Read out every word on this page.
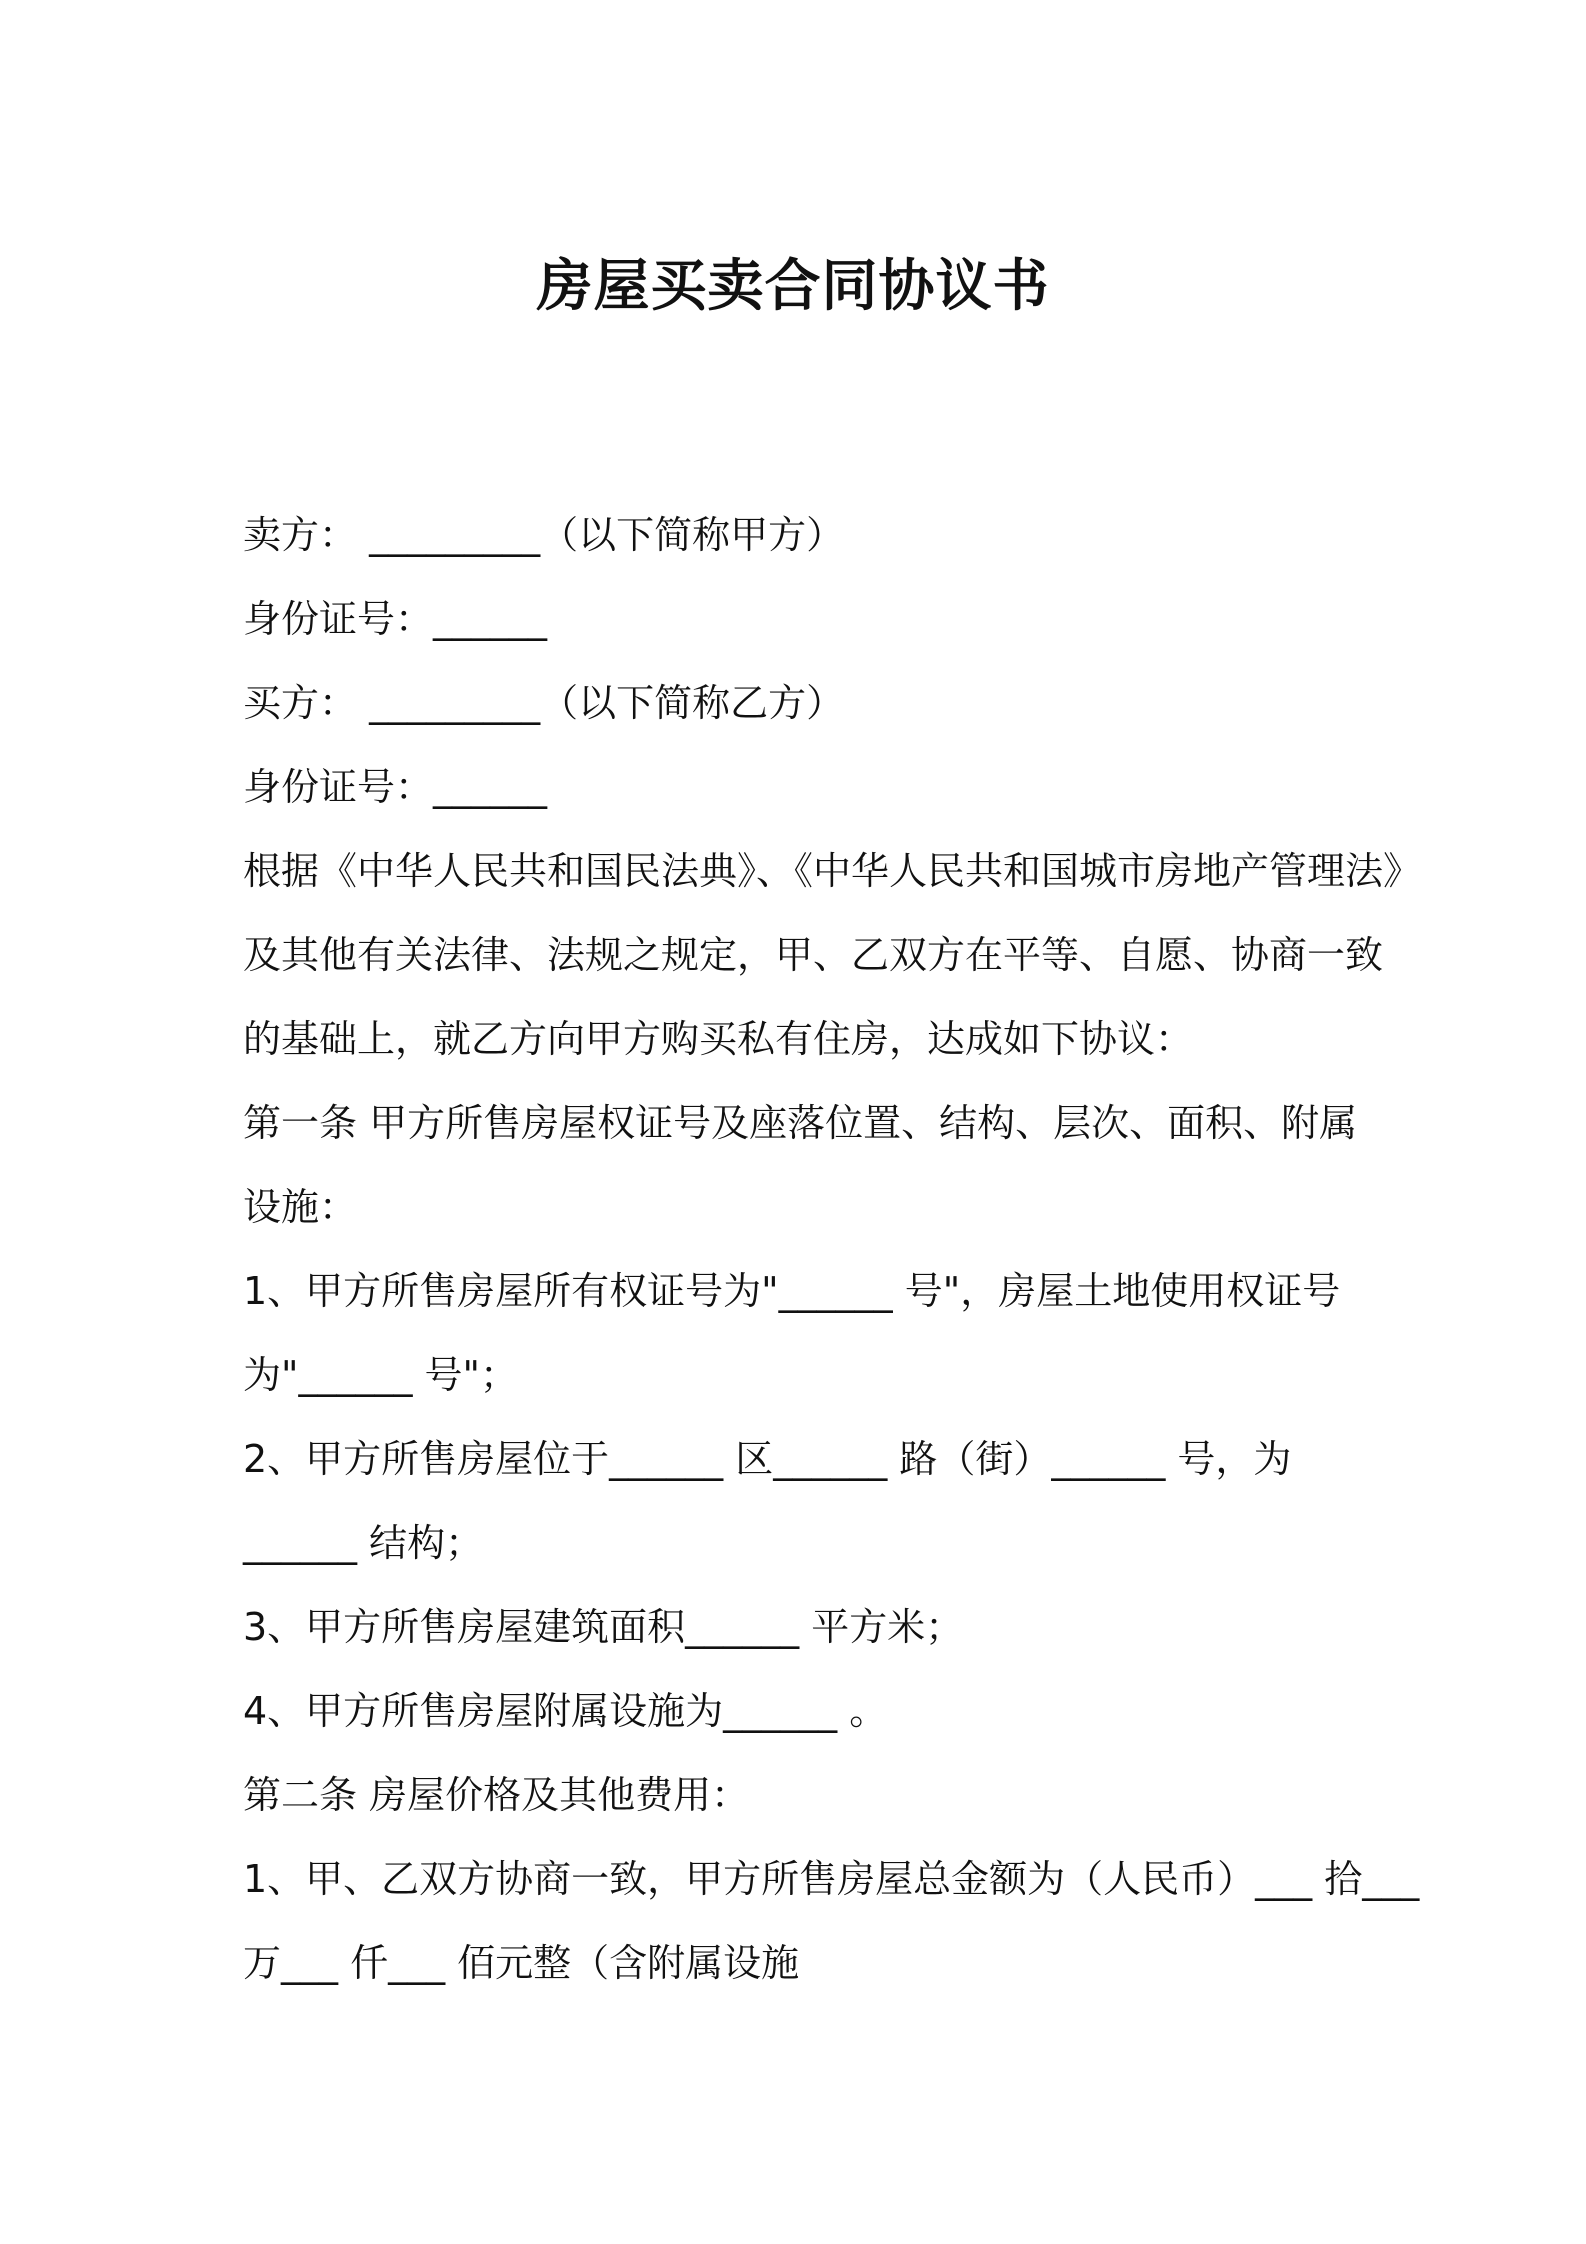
房屋买卖合同协议书
卖方： _________（以下简称甲方）
身份证号：______
买方： _________（以下简称乙方）
身份证号：______
根据《中华人民共和国民法典》、《中华人民共和国城市房地产管理法》
及其他有关法律、法规之规定，甲、乙双方在平等、自愿、协商一致
的基础上，就乙方向甲方购买私有住房，达成如下协议：
第一条 甲方所售房屋权证号及座落位置、结构、层次、面积、附属
设施：
1、甲方所售房屋所有权证号为"______ 号"，房屋土地使用权证号
为"______ 号"；
2、甲方所售房屋位于______ 区______ 路（街）______ 号，为
______ 结构；
3、甲方所售房屋建筑面积______ 平方米；
4、甲方所售房屋附属设施为______ 。
第二条 房屋价格及其他费用：
1、甲、乙双方协商一致，甲方所售房屋总金额为（人民币）___ 拾___
万___ 仟___ 佰元整（含附属设施
